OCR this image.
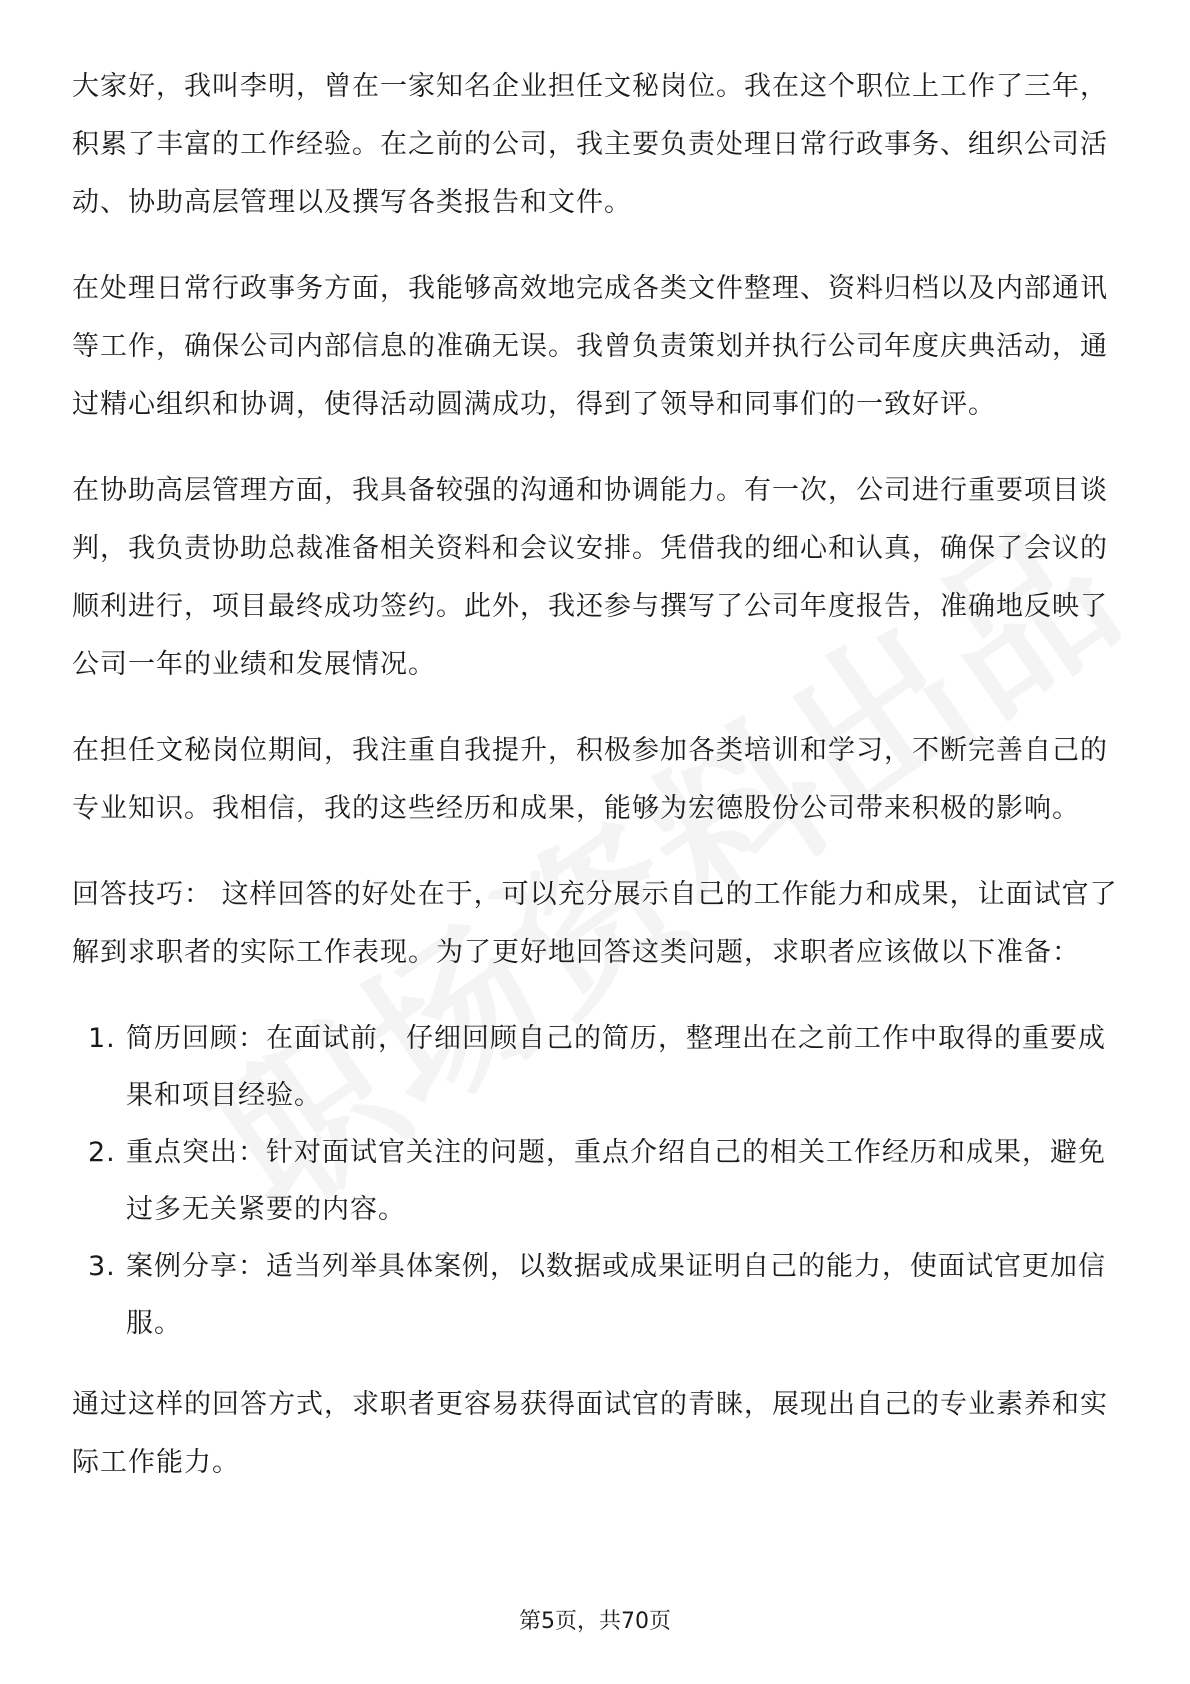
大家好，我叫李明，曾在一家知名企业担任文秘岗位。我在这个职位上工作了三年，积累了丰富的工作经验。在之前的公司，我主要负责处理日常行政事务、组织公司活动、协助高层管理以及撰写各类报告和文件。

在处理日常行政事务方面，我能够高效地完成各类文件整理、资料归档以及内部通讯等工作，确保公司内部信息的准确无误。我曾负责策划并执行公司年度庆典活动，通过精心组织和协调，使得活动圆满成功，得到了领导和同事们的一致好评。

在协助高层管理方面，我具备较强的沟通和协调能力。有一次，公司进行重要项目谈判，我负责协助总裁准备相关资料和会议安排。凭借我的细心和认真，确保了会议的顺利进行，项目最终成功签约。此外，我还参与撰写了公司年度报告，准确地反映了公司一年的业绩和发展情况。

在担任文秘岗位期间，我注重自我提升，积极参加各类培训和学习，不断完善自己的专业知识。我相信，我的这些经历和成果，能够为宏德股份公司带来积极的影响。

回答技巧： 这样回答的好处在于，可以充分展示自己的工作能力和成果，让面试官了解到求职者的实际工作表现。为了更好地回答这类问题，求职者应该做以下准备：

1. 简历回顾：在面试前，仔细回顾自己的简历，整理出在之前工作中取得的重要成果和项目经验。
2. 重点突出：针对面试官关注的问题，重点介绍自己的相关工作经历和成果，避免过多无关紧要的内容。
3. 案例分享：适当列举具体案例，以数据或成果证明自己的能力，使面试官更加信服。

通过这样的回答方式，求职者更容易获得面试官的青睐，展现出自己的专业素养和实际工作能力。

第5页，共70页
